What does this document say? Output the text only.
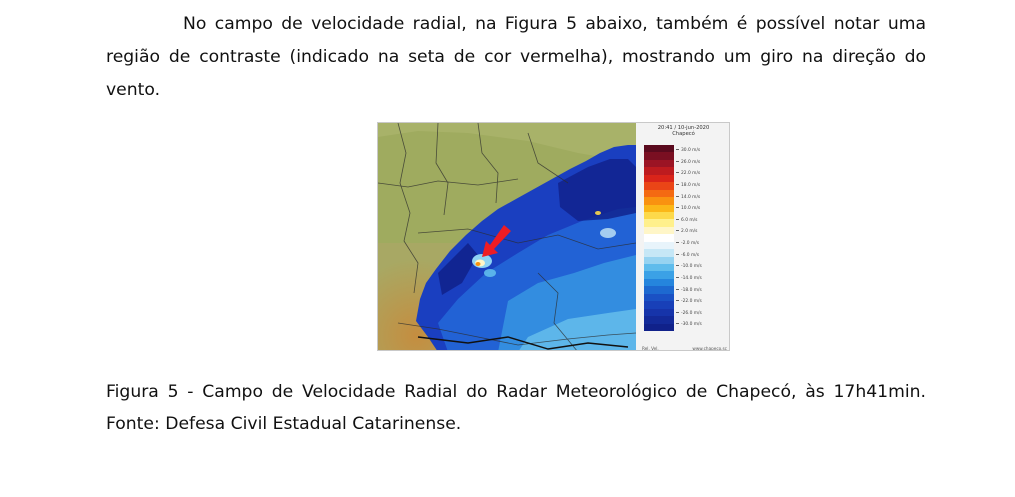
No campo de velocidade radial, na Figura 5 abaixo, também é possível notar uma região de contraste (indicado na seta de cor vermelha), mostrando um giro na direção do vento.

20:41 / 10-jun-2020
Chapecó
30.0 m/s
26.0 m/s
22.0 m/s
18.0 m/s
14.0 m/s
10.0 m/s
6.0 m/s
2.0 m/s
-2.0 m/s
-6.0 m/s
-10.0 m/s
-14.0 m/s
-18.0 m/s
-22.0 m/s
-26.0 m/s
-30.0 m/s
Rel. Vel.	www.chapeco.sc

Figura 5 - Campo de Velocidade Radial do Radar Meteorológico de Chapecó, às 17h41min. Fonte: Defesa Civil Estadual Catarinense.
